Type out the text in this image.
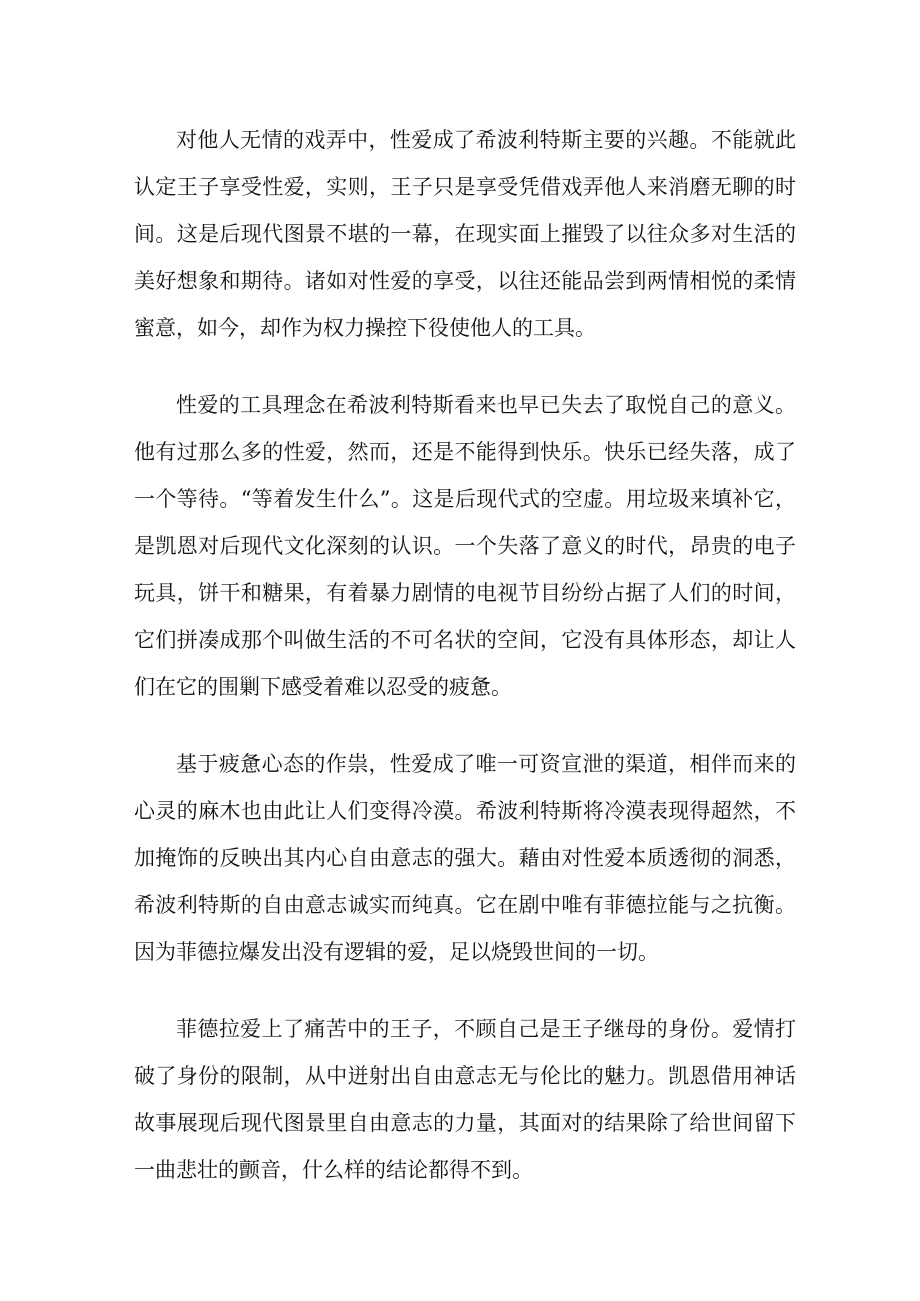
对他人无情的戏弄中，性爱成了希波利特斯主要的兴趣。不能就此认定王子享受性爱，实则，王子只是享受凭借戏弄他人来消磨无聊的时间。这是后现代图景不堪的一幕，在现实面上摧毁了以往众多对生活的美好想象和期待。诸如对性爱的享受，以往还能品尝到两情相悦的柔情蜜意，如今，却作为权力操控下役使他人的工具。

性爱的工具理念在希波利特斯看来也早已失去了取悦自己的意义。他有过那么多的性爱，然而，还是不能得到快乐。快乐已经失落，成了一个等待。“等着发生什么”。这是后现代式的空虚。用垃圾来填补它，是凯恩对后现代文化深刻的认识。一个失落了意义的时代，昂贵的电子玩具，饼干和糖果，有着暴力剧情的电视节目纷纷占据了人们的时间，它们拼凑成那个叫做生活的不可名状的空间，它没有具体形态，却让人们在它的围剿下感受着难以忍受的疲惫。

基于疲惫心态的作祟，性爱成了唯一可资宣泄的渠道，相伴而来的心灵的麻木也由此让人们变得冷漠。希波利特斯将冷漠表现得超然，不加掩饰的反映出其内心自由意志的强大。藉由对性爱本质透彻的洞悉，希波利特斯的自由意志诚实而纯真。它在剧中唯有菲德拉能与之抗衡。因为菲德拉爆发出没有逻辑的爱，足以烧毁世间的一切。

菲德拉爱上了痛苦中的王子，不顾自己是王子继母的身份。爱情打破了身份的限制，从中迸射出自由意志无与伦比的魅力。凯恩借用神话故事展现后现代图景里自由意志的力量，其面对的结果除了给世间留下一曲悲壮的颤音，什么样的结论都得不到。
